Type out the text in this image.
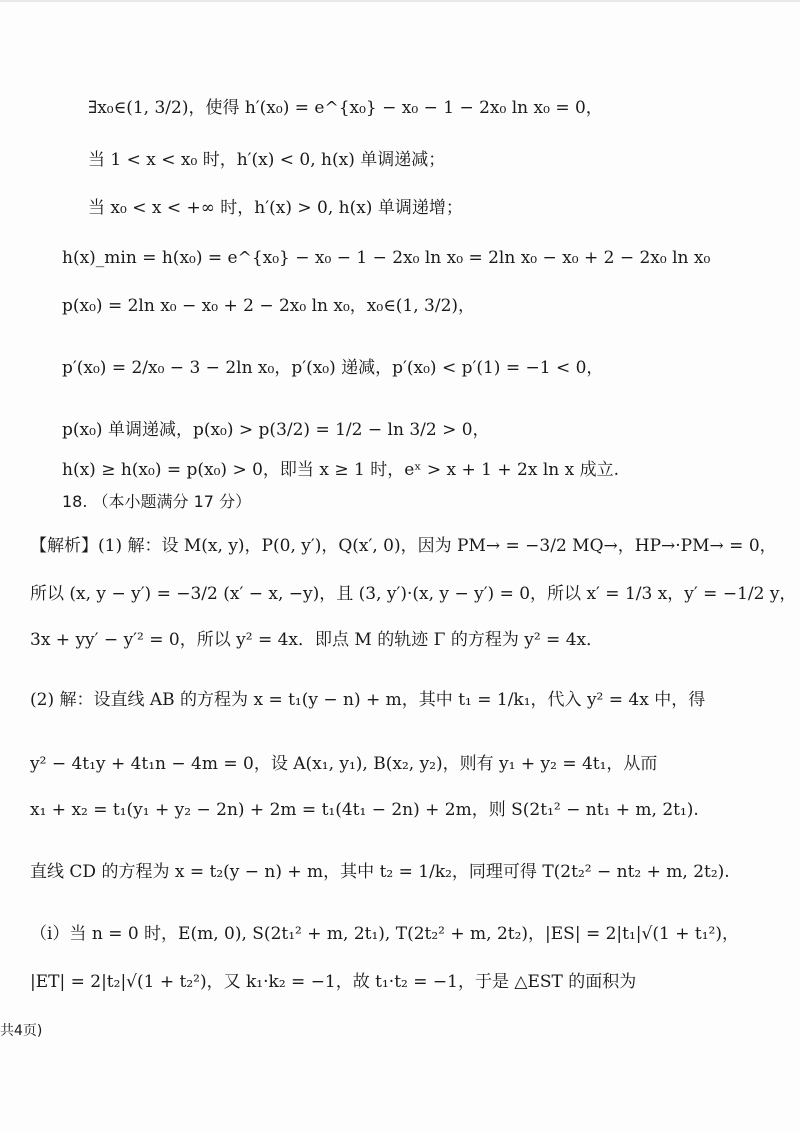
∃x₀∈(1, 3/2)，使得 h′(x₀) = e^{x₀} − x₀ − 1 − 2x₀ ln x₀ = 0，
当 1 < x < x₀ 时，h′(x) < 0, h(x) 单调递减；
当 x₀ < x < +∞ 时，h′(x) > 0, h(x) 单调递增；
h(x)_min = h(x₀) = e^{x₀} − x₀ − 1 − 2x₀ ln x₀ = 2ln x₀ − x₀ + 2 − 2x₀ ln x₀
p(x₀) = 2ln x₀ − x₀ + 2 − 2x₀ ln x₀，x₀∈(1, 3/2)，
p′(x₀) = 2/x₀ − 3 − 2ln x₀，p′(x₀) 递减，p′(x₀) < p′(1) = −1 < 0，
p(x₀) 单调递减，p(x₀) > p(3/2) = 1/2 − ln 3/2 > 0，
h(x) ≥ h(x₀) = p(x₀) > 0，即当 x ≥ 1 时，eˣ > x + 1 + 2x ln x 成立.
18. （本小题满分 17 分）
【解析】(1) 解：设 M(x, y)，P(0, y′)，Q(x′, 0)，因为 PM→ = −3/2 MQ→，HP→·PM→ = 0，
所以 (x, y − y′) = −3/2 (x′ − x, −y)，且 (3, y′)·(x, y − y′) = 0，所以 x′ = 1/3 x，y′ = −1/2 y，
3x + yy′ − y′² = 0，所以 y² = 4x．即点 M 的轨迹 Γ 的方程为 y² = 4x．
(2) 解：设直线 AB 的方程为 x = t₁(y − n) + m，其中 t₁ = 1/k₁，代入 y² = 4x 中，得
y² − 4t₁y + 4t₁n − 4m = 0，设 A(x₁, y₁), B(x₂, y₂)，则有 y₁ + y₂ = 4t₁，从而
x₁ + x₂ = t₁(y₁ + y₂ − 2n) + 2m = t₁(4t₁ − 2n) + 2m，则 S(2t₁² − nt₁ + m, 2t₁).
直线 CD 的方程为 x = t₂(y − n) + m，其中 t₂ = 1/k₂，同理可得 T(2t₂² − nt₂ + m, 2t₂).
（ⅰ）当 n = 0 时，E(m, 0), S(2t₁² + m, 2t₁), T(2t₂² + m, 2t₂)，|ES| = 2|t₁|√(1 + t₁²)，
|ET| = 2|t₂|√(1 + t₂²)，又 k₁·k₂ = −1，故 t₁·t₂ = −1，于是 △EST 的面积为
共4页)
